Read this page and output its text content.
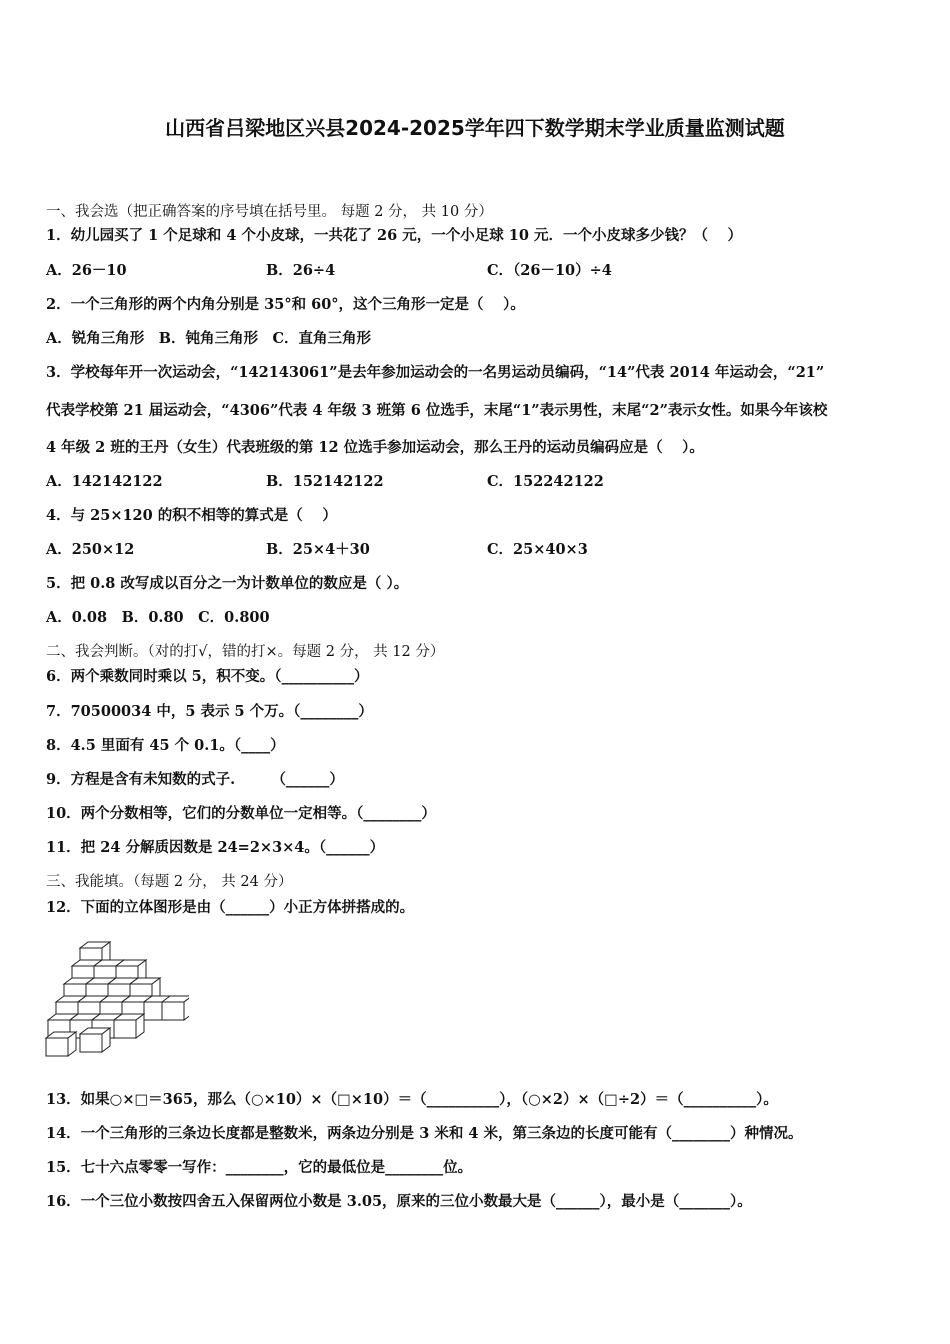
山西省吕梁地区兴县2024-2025学年四下数学期末学业质量监测试题
一、我会选（把正确答案的序号填在括号里。 每题 2 分， 共 10 分）
1．幼儿园买了 1 个足球和 4 个小皮球，一共花了 26 元，一个小足球 10 元．一个小皮球多少钱？（　 ）
A．26－10	B．26÷4	C．（26－10）÷4
2．一个三角形的两个内角分别是 35°和 60°，这个三角形一定是（　 ）。
A．锐角三角形　B．钝角三角形　C．直角三角形
3．学校每年开一次运动会，“142143061”是去年参加运动会的一名男运动员编码，“14”代表 2014 年运动会，“21”
代表学校第 21 届运动会，“4306”代表 4 年级 3 班第 6 位选手，末尾“1”表示男性，末尾“2”表示女性。如果今年该校
4 年级 2 班的王丹（女生）代表班级的第 12 位选手参加运动会，那么王丹的运动员编码应是（　 ）。
A．142142122	B．152142122	C．152242122
4．与 25×120 的积不相等的算式是（　 ）
A．250×12	B．25×4＋30	C．25×40×3
5．把 0.8 改写成以百分之一为计数单位的数应是（ ）。
A．0.08　B．0.80　C．0.800
二、我会判断。（对的打√，错的打×。每题 2 分， 共 12 分）
6．两个乘数同时乘以 5，积不变。（__________）
7．70500034 中，5 表示 5 个万。（________）
8．4.5 里面有 45 个 0.1。（____）
9．方程是含有未知数的式子.　　　（______）
10．两个分数相等，它们的分数单位一定相等。（________）
11．把 24 分解质因数是 24=2×3×4。（______）
三、我能填。（每题 2 分， 共 24 分）
12．下面的立体图形是由（______）小正方体拼搭成的。
13．如果○×□＝365，那么（○×10）×（□×10）＝（__________），（○×2）×（□÷2）＝（__________）。
14．一个三角形的三条边长度都是整数米，两条边分别是 3 米和 4 米，第三条边的长度可能有（________）种情况。
15．七十六点零零一写作：________，它的最低位是________位。
16．一个三位小数按四舍五入保留两位小数是 3.05，原来的三位小数最大是（______），最小是（_______）。
